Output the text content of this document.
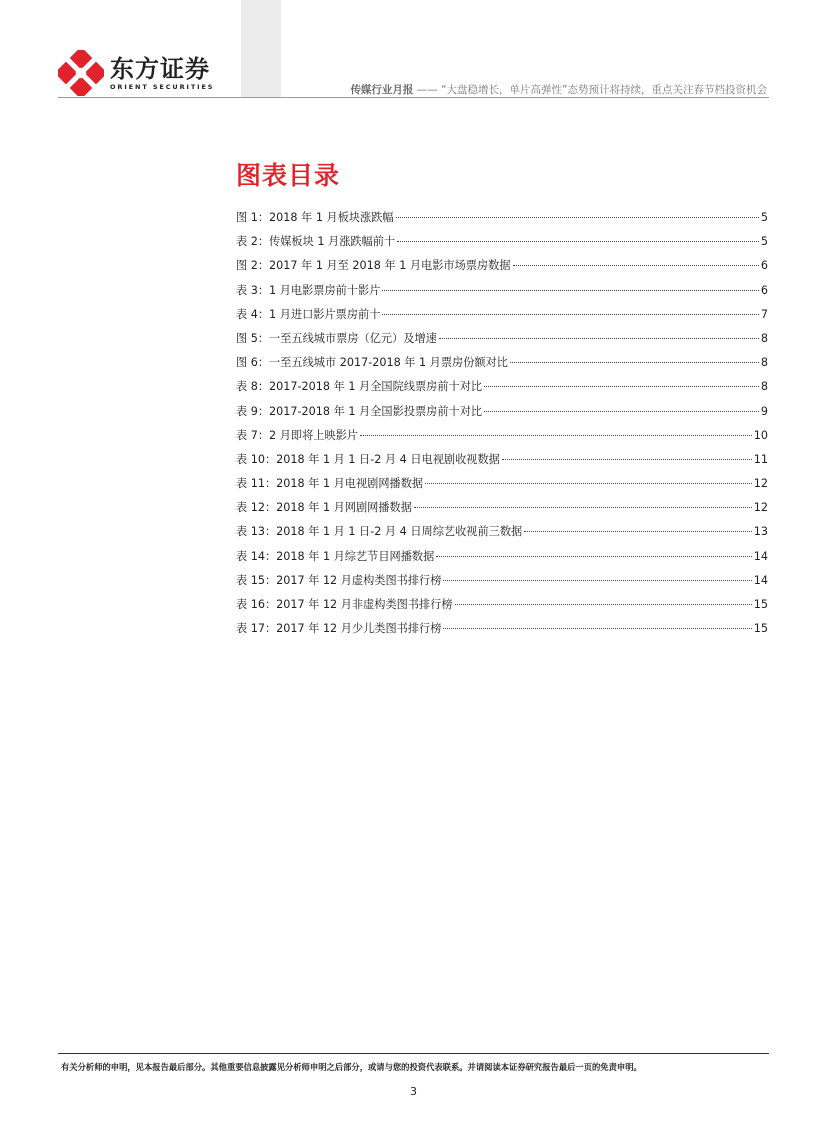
东方证券
ORIENT SECURITIES	传媒行业月报 —— “大盘稳增长，单片高弹性”态势预计将持续，重点关注春节档投资机会
图表目录
图 1：2018 年 1 月板块涨跌幅	5
表 2：传媒板块 1 月涨跌幅前十	5
图 2：2017 年 1 月至 2018 年 1 月电影市场票房数据	6
表 3：1 月电影票房前十影片	6
表 4：1 月进口影片票房前十	7
图 5：一至五线城市票房（亿元）及增速	8
图 6：一至五线城市 2017-2018 年 1 月票房份额对比	8
表 8：2017-2018 年 1 月全国院线票房前十对比	8
表 9：2017-2018 年 1 月全国影投票房前十对比	9
表 7：2 月即将上映影片	10
表 10：2018 年 1 月 1 日-2 月 4 日电视剧收视数据	11
表 11：2018 年 1 月电视剧网播数据	12
表 12：2018 年 1 月网剧网播数据	12
表 13：2018 年 1 月 1 日-2 月 4 日周综艺收视前三数据	13
表 14：2018 年 1 月综艺节目网播数据	14
表 15：2017 年 12 月虚构类图书排行榜	14
表 16：2017 年 12 月非虚构类图书排行榜	15
表 17：2017 年 12 月少儿类图书排行榜	15
有关分析师的申明，见本报告最后部分。其他重要信息披露见分析师申明之后部分，或请与您的投资代表联系。并请阅读本证券研究报告最后一页的免责申明。
3
